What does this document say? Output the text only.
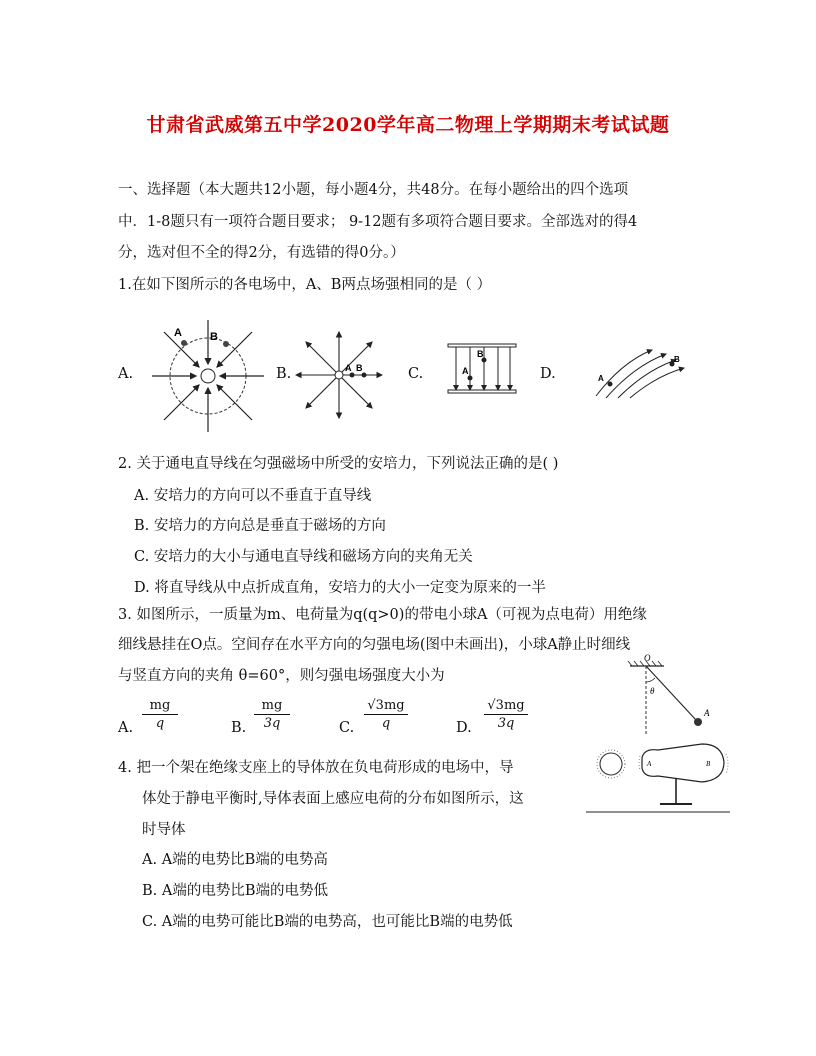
甘肃省武威第五中学2020学年高二物理上学期期末考试试题
一、选择题（本大题共12小题，每小题4分，共48分。在每小题给出的四个选项
中．1-8题只有一项符合题目要求； 9-12题有多项符合题目要求。全部选对的得4
分，选对但不全的得2分，有选错的得0分。）
1.在如下图所示的各电场中，A、B两点场强相同的是（ ）
A.
A	B
B.	A B	C.	A
B
D.	A
B
2. 关于通电直导线在匀强磁场中所受的安培力，下列说法正确的是( )
A. 安培力的方向可以不垂直于直导线
B. 安培力的方向总是垂直于磁场的方向
C. 安培力的大小与通电直导线和磁场方向的夹角无关
D. 将直导线从中点折成直角，安培力的大小一定变为原来的一半
3. 如图所示，一质量为m、电荷量为q(q>0)的带电小球A（可视为点电荷）用绝缘
细线悬挂在O点。空间存在水平方向的匀强电场(图中未画出)，小球A静止时细线
与竖直方向的夹角 θ=60°，则匀强电场强度大小为
A. $\frac{mg}{q}$	B. $\frac{mg}{3q}$	C. $\frac{√3mg}{q}$	D. $\frac{√3mg}{3q}$
O
θ
A
4. 把一个架在绝缘支座上的导体放在负电荷形成的电场中，导
体处于静电平衡时,导体表面上感应电荷的分布如图所示，这
时导体
A. A端的电势比B端的电势高
B. A端的电势比B端的电势低
C. A端的电势可能比B端的电势高，也可能比B端的电势低
A	B
